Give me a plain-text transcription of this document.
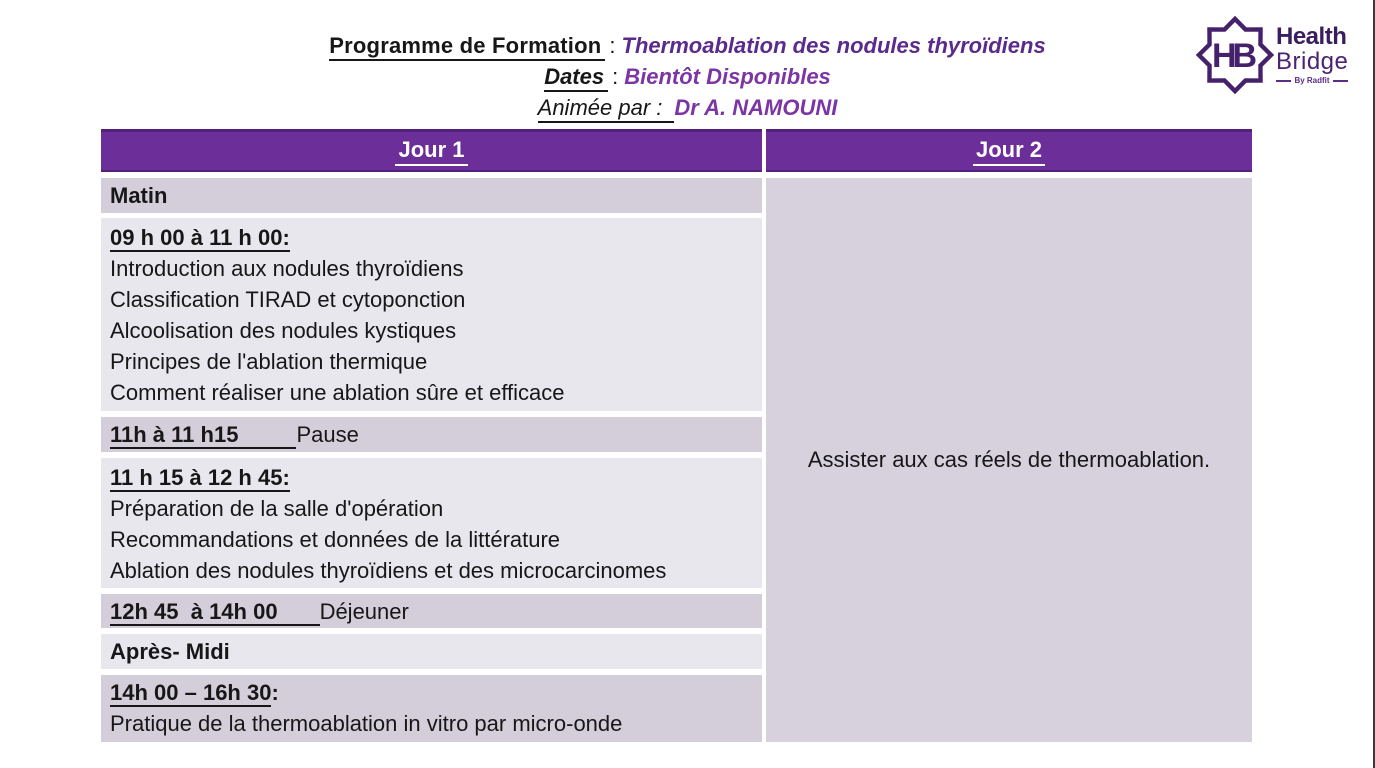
Programme de Formation : Thermoablation des nodules thyroïdiens
Dates : Bientôt Disponibles
Animée par : Dr A. NAMOUNI
HB
Health
Bridge
By Radfit
Jour 1
Matin
09 h 00 à 11 h 00:
Introduction aux nodules thyroïdiens
Classification TIRAD et cytoponction
Alcoolisation des nodules kystiques
Principes de l'ablation thermique
Comment réaliser une ablation sûre et efficace
11h à 11 h15	Pause
11 h 15 à 12 h 45:
Préparation de la salle d'opération
Recommandations et données de la littérature
Ablation des nodules thyroïdiens et des microcarcinomes
12h 45  à 14h 00 Déjeuner
Après- Midi
14h 00 – 16h 30:
Pratique de la thermoablation in vitro par micro-onde
Jour 2
Assister aux cas réels de thermoablation.
